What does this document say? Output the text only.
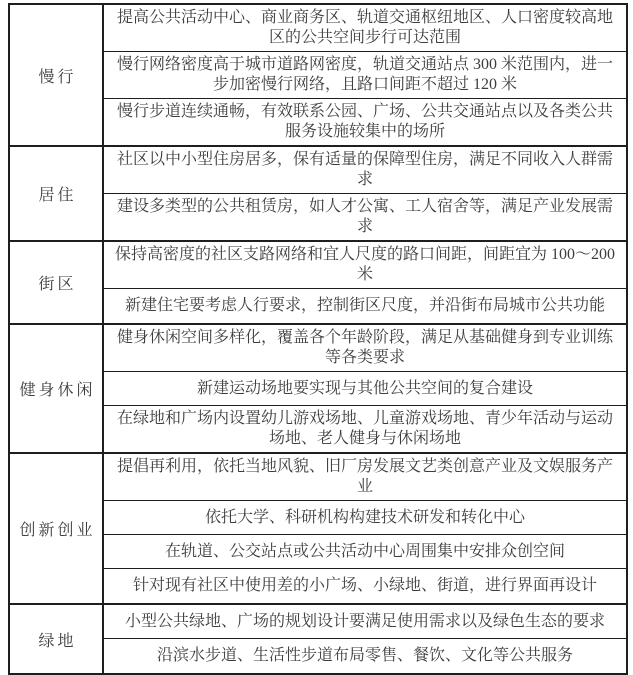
慢行
提高公共活动中心、商业商务区、轨道交通枢纽地区、人口密度较高地区的公共空间步行可达范围
慢行网络密度高于城市道路网密度，轨道交通站点 300 米范围内，进一步加密慢行网络，且路口间距不超过 120 米
慢行步道连续通畅，有效联系公园、广场、公共交通站点以及各类公共服务设施较集中的场所
居住
社区以中小型住房居多，保有适量的保障型住房，满足不同收入人群需求
建设多类型的公共租赁房，如人才公寓、工人宿舍等，满足产业发展需求
街区
保持高密度的社区支路网络和宜人尺度的路口间距，间距宜为 100～200 米
新建住宅要考虑人行要求，控制街区尺度，并沿街布局城市公共功能
健身休闲
健身休闲空间多样化，覆盖各个年龄阶段，满足从基础健身到专业训练等各类要求
新建运动场地要实现与其他公共空间的复合建设
在绿地和广场内设置幼儿游戏场地、儿童游戏场地、青少年活动与运动场地、老人健身与休闲场地
创新创业
提倡再利用，依托当地风貌、旧厂房发展文艺类创意产业及文娱服务产业
依托大学、科研机构构建技术研发和转化中心
在轨道、公交站点或公共活动中心周围集中安排众创空间
针对现有社区中使用差的小广场、小绿地、街道，进行界面再设计
绿地
小型公共绿地、广场的规划设计要满足使用需求以及绿色生态的要求
沿滨水步道、生活性步道布局零售、餐饮、文化等公共服务
